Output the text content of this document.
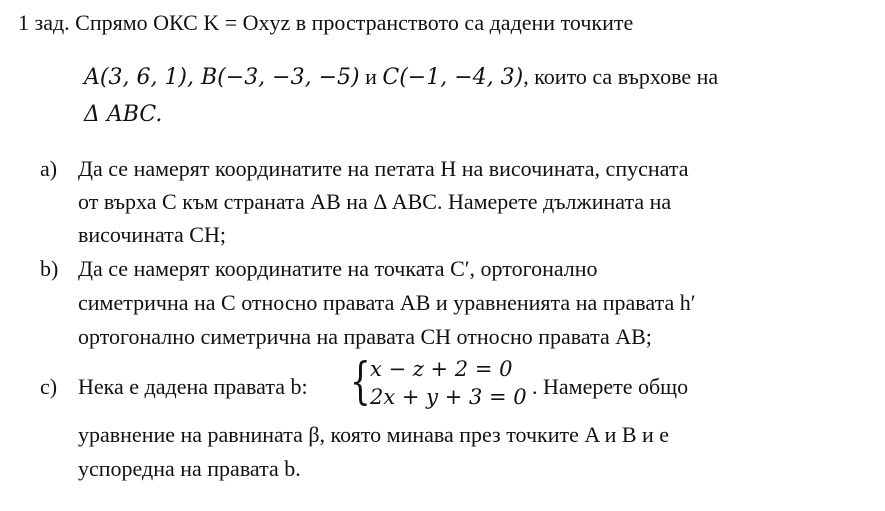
1 зад. Спрямо ОКС K = Oxyz в пространството са дадени точките
A(3, 6, 1), B(−3, −3, −5) и C(−1, −4, 3), които са върхове на
Δ ABC.
a) Да се намерят координатите на петата H на височината, спусната
от върха C към страната AB на Δ ABC. Намерете дължината на
височината CH;
b) Да се намерят координатите на точката C′, ортогонално
симетрична на C относно правата AB и уравненията на правата h′
ортогонално симетрична на правата CH относно правата AB;
c) Нека е дадена правата b: { x − z + 2 = 0
2x + y + 3 = 0 . Намерете общо
уравнение на равнината β, която минава през точките A и B и е
успоредна на правата b.
